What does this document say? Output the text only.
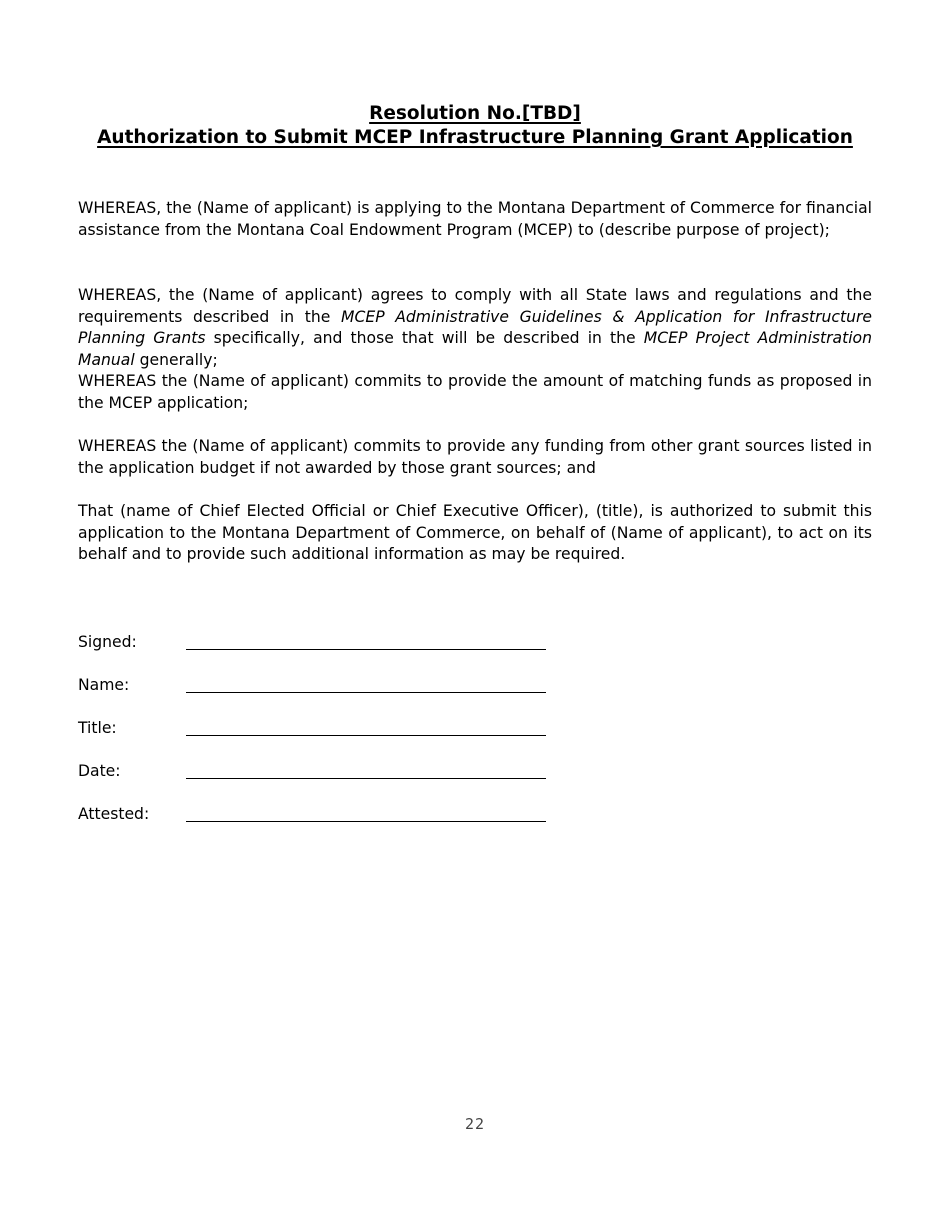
Resolution No.[TBD]
Authorization to Submit MCEP Infrastructure Planning Grant Application

WHEREAS, the (Name of applicant) is applying to the Montana Department of Commerce for financial assistance from the Montana Coal Endowment Program (MCEP) to (describe purpose of project);

WHEREAS, the (Name of applicant) agrees to comply with all State laws and regulations and the requirements described in the MCEP Administrative Guidelines & Application for Infrastructure Planning Grants specifically, and those that will be described in the MCEP Project Administration Manual generally;

WHEREAS the (Name of applicant) commits to provide the amount of matching funds as proposed in the MCEP application;

WHEREAS the (Name of applicant) commits to provide any funding from other grant sources listed in the application budget if not awarded by those grant sources; and

That (name of Chief Elected Official or Chief Executive Officer), (title), is authorized to submit this application to the Montana Department of Commerce, on behalf of (Name of applicant), to act on its behalf and to provide such additional information as may be required.

Signed:
Name:
Title:
Date:
Attested:
22
